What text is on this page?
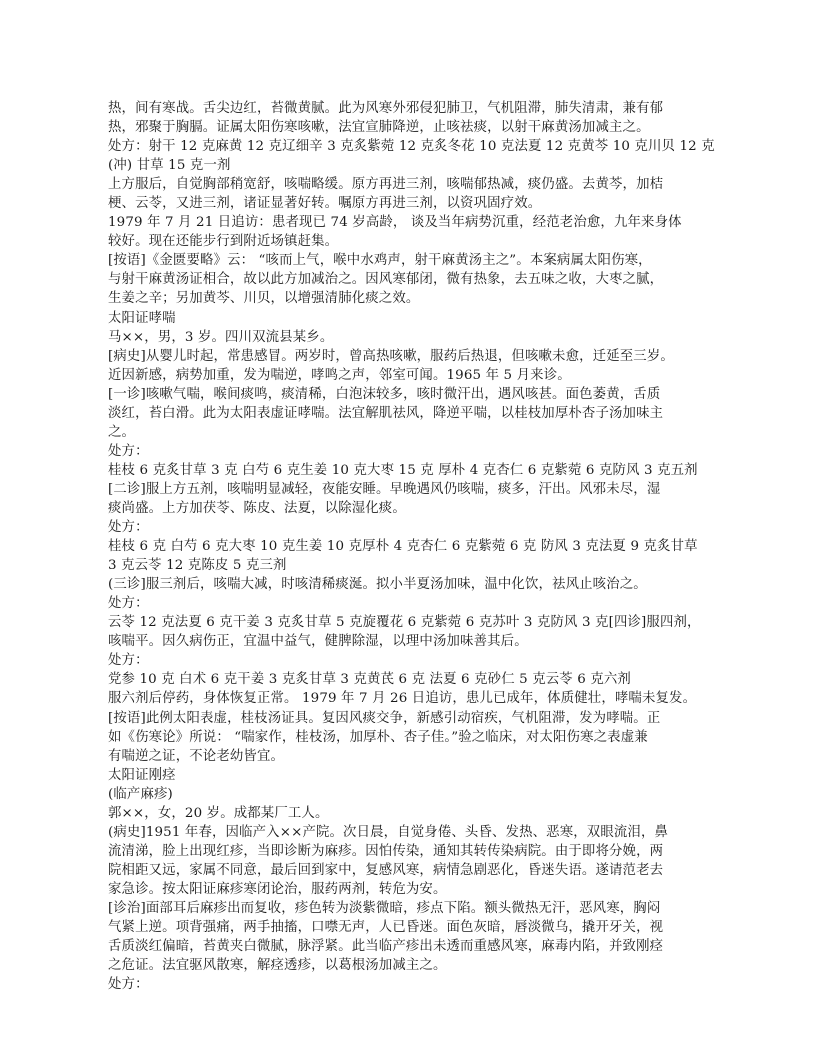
热，间有寒战。舌尖边红，苔微黄腻。此为风寒外邪侵犯肺卫，气机阻滞，肺失清肃，兼有郁
热，邪聚于胸膈。证属太阳伤寒咳嗽，法宜宣肺降逆，止咳祛痰，以射干麻黄汤加减主之。
处方：射干 12 克麻黄 12 克辽细辛 3 克炙紫菀 12 克炙冬花 10 克法夏 12 克黄芩 10 克川贝 12 克
(冲) 甘草 15 克一剂
上方服后，自觉胸部稍宽舒，咳喘略缓。原方再进三剂，咳喘郁热减，痰仍盛。去黄芩，加桔
梗、云苓，又进三剂，诸证显著好转。嘱原方再进三剂，以资巩固疗效。
1979 年 7 月 21 日追访：患者现已 74 岁高龄， 谈及当年病势沉重，经范老治愈，九年来身体
较好。现在还能步行到附近场镇赶集。
[按语]《金匮要略》云： “咳而上气，喉中水鸡声，射干麻黄汤主之”。本案病属太阳伤寒，
与射干麻黄汤证相合，故以此方加减治之。因风寒郁闭，微有热象，去五味之收，大枣之腻，
生姜之辛；另加黄芩、川贝，以增强清肺化痰之效。
太阳证哮喘
马××，男，3 岁。四川双流县某乡。
[病史]从婴儿时起，常患感冒。两岁时，曾高热咳嗽，服药后热退，但咳嗽未愈，迁延至三岁。
近因新感，病势加重，发为喘逆，哮鸣之声，邻室可闻。1965 年 5 月来诊。
[一诊]咳嗽气喘，喉间痰鸣，痰清稀，白泡沫较多，咳时微汗出，遇风咳甚。面色萎黄，舌质
淡红，苔白滑。此为太阳表虚证哮喘。法宜解肌祛风，降逆平喘，以桂枝加厚朴杏子汤加味主
之。
处方：
桂枝 6 克炙甘草 3 克 白芍 6 克生姜 10 克大枣 15 克 厚朴 4 克杏仁 6 克紫菀 6 克防风 3 克五剂
[二诊]服上方五剂，咳喘明显减轻，夜能安睡。早晚遇风仍咳喘，痰多，汗出。风邪未尽，湿
痰尚盛。上方加茯苓、陈皮、法夏，以除湿化痰。
处方：
桂枝 6 克 白芍 6 克大枣 10 克生姜 10 克厚朴 4 克杏仁 6 克紫菀 6 克 防风 3 克法夏 9 克炙甘草
3 克云苓 12 克陈皮 5 克三剂
(三诊]服三剂后，咳喘大减，时咳清稀痰涎。拟小半夏汤加味，温中化饮，祛风止咳治之。
处方：
云苓 12 克法夏 6 克干姜 3 克炙甘草 5 克旋覆花 6 克紫菀 6 克苏叶 3 克防风 3 克[四诊]服四剂，
咳喘平。因久病伤正，宜温中益气，健脾除湿，以理中汤加味善其后。
处方：
党参 10 克 白术 6 克干姜 3 克炙甘草 3 克黄芪 6 克 法夏 6 克砂仁 5 克云苓 6 克六剂
服六剂后停药，身体恢复正常。 1979 年 7 月 26 日追访，患儿已成年，体质健壮，哮喘未复发。
[按语]此例太阳表虚，桂枝汤证具。复因风痰交争，新感引动宿疾，气机阻滞，发为哮喘。正
如《伤寒论》所说： “喘家作，桂枝汤，加厚朴、杏子佳。”验之临床，对太阳伤寒之表虚兼
有喘逆之证，不论老幼皆宜。
太阳证刚痉
(临产麻疹)
郭××，女，20 岁。成都某厂工人。
(病史]1951 年春，因临产入××产院。次日晨，自觉身倦、头昏、发热、恶寒，双眼流泪，鼻
流清涕，脸上出现红疹，当即诊断为麻疹。因怕传染，通知其转传染病院。由于即将分娩，两
院相距又远，家属不同意，最后回到家中，复感风寒，病情急剧恶化，昏迷失语。遂请范老去
家急诊。按太阳证麻疹寒闭论治，服药两剂，转危为安。
[诊治]面部耳后麻疹出而复收，疹色转为淡紫微暗，疹点下陷。额头微热无汗，恶风寒，胸闷
气紧上逆。项背强痛，两手抽搐，口噤无声，人已昏迷。面色灰暗，唇淡微乌，撬开牙关，视
舌质淡红偏暗，苔黄夹白微腻，脉浮紧。此当临产疹出未透而重感风寒，麻毒内陷，并致刚痉
之危证。法宜驱风散寒，解痉透疹，以葛根汤加减主之。
处方：
